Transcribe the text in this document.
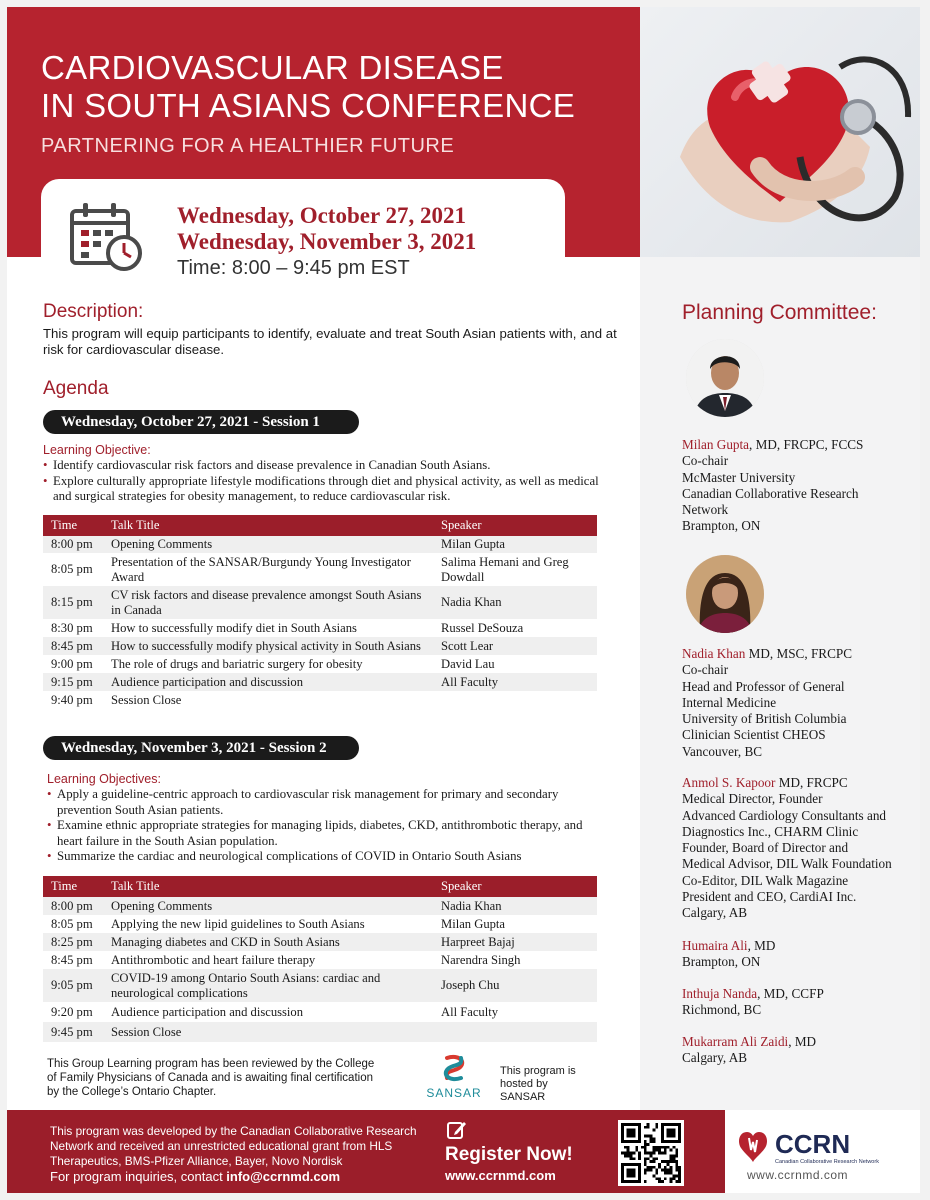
CARDIOVASCULAR DISEASE
IN SOUTH ASIANS CONFERENCE
PARTNERING FOR A HEALTHIER FUTURE
Wednesday, October 27, 2021
Wednesday, November 3, 2021
Time: 8:00 – 9:45 pm EST
Description:
This program will equip participants to identify, evaluate and treat South Asian patients with, and at risk for cardiovascular disease.
Agenda
Wednesday, October 27, 2021 - Session 1
Learning Objective:
• Identify cardiovascular risk factors and disease prevalence in Canadian South Asians.
• Explore culturally appropriate lifestyle modifications through diet and physical activity, as well as medical and surgical strategies for obesity management, to reduce cardiovascular risk.
Time	Talk Title	Speaker
8:00 pm	Opening Comments	Milan Gupta
8:05 pm	Presentation of the SANSAR/Burgundy Young Investigator Award	Salima Hemani and Greg Dowdall
8:15 pm	CV risk factors and disease prevalence amongst South Asians in Canada	Nadia Khan
8:30 pm	How to successfully modify diet in South Asians	Russel DeSouza
8:45 pm	How to successfully modify physical activity in South Asians	Scott Lear
9:00 pm	The role of drugs and bariatric surgery for obesity	David Lau
9:15 pm	Audience participation and discussion	All Faculty
9:40 pm	Session Close	
Wednesday, November 3, 2021 - Session 2
Learning Objectives:
• Apply a guideline-centric approach to cardiovascular risk management for primary and secondary prevention South Asian patients.
• Examine ethnic appropriate strategies for managing lipids, diabetes, CKD, antithrombotic therapy, and heart failure in the South Asian population.
• Summarize the cardiac and neurological complications of COVID in Ontario South Asians
Time	Talk Title	Speaker
8:00 pm	Opening Comments	Nadia Khan
8:05 pm	Applying the new lipid guidelines to South Asians	Milan Gupta
8:25 pm	Managing diabetes and CKD in South Asians	Harpreet Bajaj
8:45 pm	Antithrombotic and heart failure therapy	Narendra Singh
9:05 pm	COVID-19 among Ontario South Asians: cardiac and neurological complications	Joseph Chu
9:20 pm	Audience participation and discussion	All Faculty
9:45 pm	Session Close	
This Group Learning program has been reviewed by the College of Family Physicians of Canada and is awaiting final certification by the College’s Ontario Chapter.	SANSAR
This program is hosted by SANSAR
Planning Committee:
Milan Gupta, MD, FRCPC, FCCS
Co-chair
McMaster University
Canadian Collaborative Research
Network
Brampton, ON
Nadia Khan MD, MSC, FRCPC
Co-chair
Head and Professor of General
Internal Medicine
University of British Columbia
Clinician Scientist CHEOS
Vancouver, BC
Anmol S. Kapoor MD, FRCPC
Medical Director, Founder
Advanced Cardiology Consultants and
Diagnostics Inc., CHARM Clinic
Founder, Board of Director and
Medical Advisor, DIL Walk Foundation
Co-Editor, DIL Walk Magazine
President and CEO, CardiAI Inc.
Calgary, AB
Humaira Ali, MD
Brampton, ON
Inthuja Nanda, MD, CCFP
Richmond, BC
Mukarram Ali Zaidi, MD
Calgary, AB
This program was developed by the Canadian Collaborative Research Network and received an unrestricted educational grant from HLS Therapeutics, BMS-Pfizer Alliance, Bayer, Novo Nordisk
For program inquiries, contact info@ccrnmd.com
Register Now!
www.ccrnmd.com
CCRN
Canadian Collaborative Research Network
www.ccrnmd.com
